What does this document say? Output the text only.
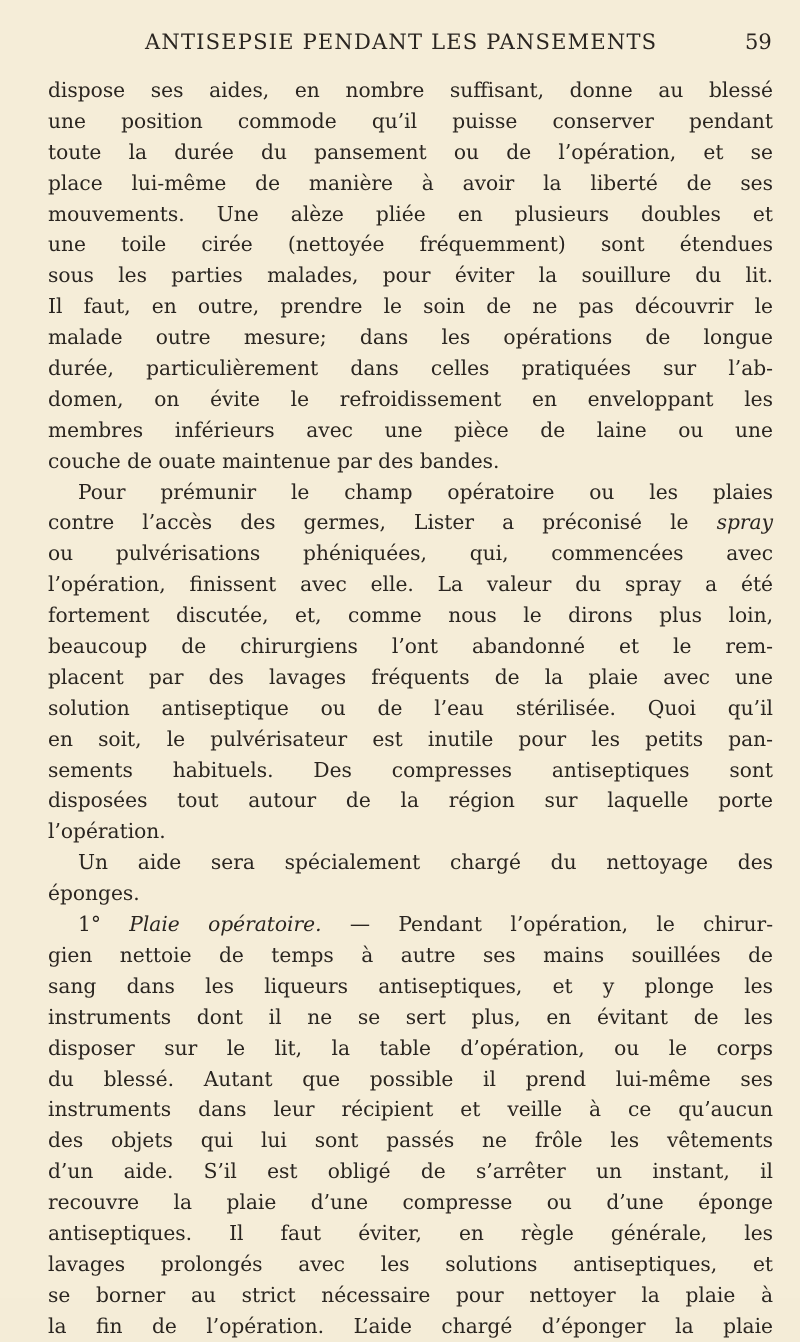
ANTISEPSIE PENDANT LES PANSEMENTS	59
dispose ses aides, en nombre suffisant, donne au blessé
une position commode qu’il puisse conserver pendant
toute la durée du pansement ou de l’opération, et se
place lui-même de manière à avoir la liberté de ses
mouvements. Une alèze pliée en plusieurs doubles et
une toile cirée (nettoyée fréquemment) sont étendues
sous les parties malades, pour éviter la souillure du lit.
Il faut, en outre, prendre le soin de ne pas découvrir le
malade outre mesure; dans les opérations de longue
durée, particulièrement dans celles pratiquées sur l’ab-
domen, on évite le refroidissement en enveloppant les
membres inférieurs avec une pièce de laine ou une
couche de ouate maintenue par des bandes.
Pour prémunir le champ opératoire ou les plaies
contre l’accès des germes, Lister a préconisé le spray
ou pulvérisations phéniquées, qui, commencées avec
l’opération, finissent avec elle. La valeur du spray a été
fortement discutée, et, comme nous le dirons plus loin,
beaucoup de chirurgiens l’ont abandonné et le rem-
placent par des lavages fréquents de la plaie avec une
solution antiseptique ou de l’eau stérilisée. Quoi qu’il
en soit, le pulvérisateur est inutile pour les petits pan-
sements habituels. Des compresses antiseptiques sont
disposées tout autour de la région sur laquelle porte
l’opération.
Un aide sera spécialement chargé du nettoyage des
éponges.
1° Plaie opératoire. — Pendant l’opération, le chirur-
gien nettoie de temps à autre ses mains souillées de
sang dans les liqueurs antiseptiques, et y plonge les
instruments dont il ne se sert plus, en évitant de les
disposer sur le lit, la table d’opération, ou le corps
du blessé. Autant que possible il prend lui-même ses
instruments dans leur récipient et veille à ce qu’aucun
des objets qui lui sont passés ne frôle les vêtements
d’un aide. S’il est obligé de s’arrêter un instant, il
recouvre la plaie d’une compresse ou d’une éponge
antiseptiques. Il faut éviter, en règle générale, les
lavages prolongés avec les solutions antiseptiques, et
se borner au strict nécessaire pour nettoyer la plaie à
la fin de l’opération. L’aide chargé d’éponger la plaie
